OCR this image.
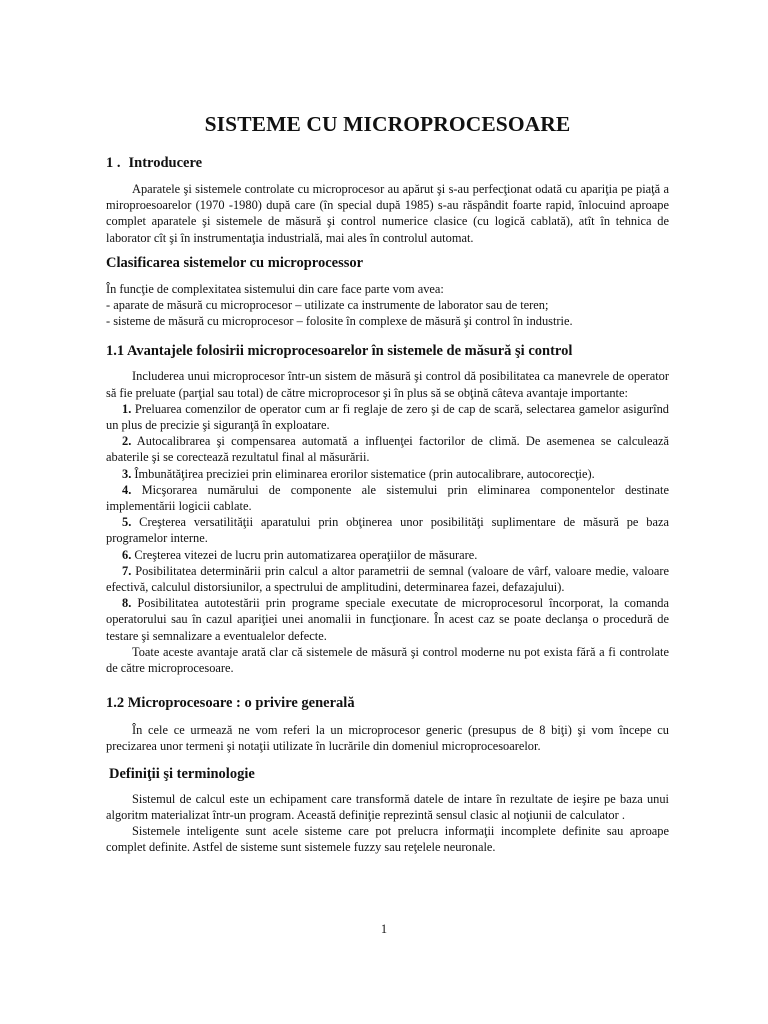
SISTEME CU MICROPROCESOARE
1 . Introducere

Aparatele şi sistemele controlate cu microprocesor au apărut şi s-au perfecţionat odată cu apariţia pe piaţă a miroproesoarelor (1970 -1980) după care (în special după 1985) s-au răspândit foarte rapid, înlocuind aproape complet aparatele şi sistemele de măsură şi control numerice clasice (cu logică cablată), atît în tehnica de laborator cît şi în instrumentaţia industrială, mai ales în controlul automat.

Clasificarea sistemelor cu microprocessor

În funcţie de complexitatea sistemului din care face parte vom avea:

- aparate de măsură cu microprocesor – utilizate ca instrumente de laborator sau de teren;

- sisteme de măsură cu microprocesor – folosite în complexe de măsură şi control în industrie.

1.1 Avantajele folosirii microprocesoarelor în sistemele de măsură şi control

Includerea unui microprocesor într-un sistem de măsură şi control dă posibilitatea ca manevrele de operator să fie preluate (parţial sau total) de către microprocesor şi în plus să se obţină câteva avantaje importante:

1. Preluarea comenzilor de operator cum ar fi reglaje de zero şi de cap de scară, selectarea gamelor asigurînd un plus de precizie şi siguranţă în exploatare.

2. Autocalibrarea şi compensarea automată a influenţei factorilor de climă. De asemenea se calculează abaterile şi se corectează rezultatul final al măsurării.

3. Îmbunătăţirea preciziei prin eliminarea erorilor sistematice (prin autocalibrare, autocorecţie).

4. Micşorarea numărului de componente ale sistemului prin eliminarea componentelor destinate implementării logicii cablate.

5. Creşterea versatilităţii aparatului prin obţinerea unor posibilităţi suplimentare de măsură pe baza programelor interne.

6. Creşterea vitezei de lucru prin automatizarea operaţiilor de măsurare.

7. Posibilitatea determinării prin calcul a altor parametrii de semnal (valoare de vârf, valoare medie, valoare efectivă, calculul distorsiunilor, a spectrului de amplitudini, determinarea fazei, defazajului).

8. Posibilitatea autotestării prin programe speciale executate de microprocesorul încorporat, la comanda operatorului sau în cazul apariţiei unei anomalii in funcţionare. În acest caz se poate declanşa o procedură de testare şi semnalizare a eventualelor defecte.

Toate aceste avantaje arată clar că sistemele de măsură şi control moderne nu pot exista fără a fi controlate de către microprocesoare.

1.2 Microprocesoare : o privire generală

În cele ce urmează ne vom referi la un microprocesor generic (presupus de 8 biţi) şi vom începe cu precizarea unor termeni şi notaţii utilizate în lucrările din domeniul microprocesoarelor.

Definiţii şi terminologie

Sistemul de calcul este un echipament care transformă datele de intare în rezultate de ieşire pe baza unui algoritm materializat într-un program. Această definiţie reprezintă sensul clasic al noţiunii de calculator .

Sistemele inteligente sunt acele sisteme care pot prelucra informaţii incomplete definite sau aproape complet definite. Astfel de sisteme sunt sistemele fuzzy sau reţelele neuronale.

1
